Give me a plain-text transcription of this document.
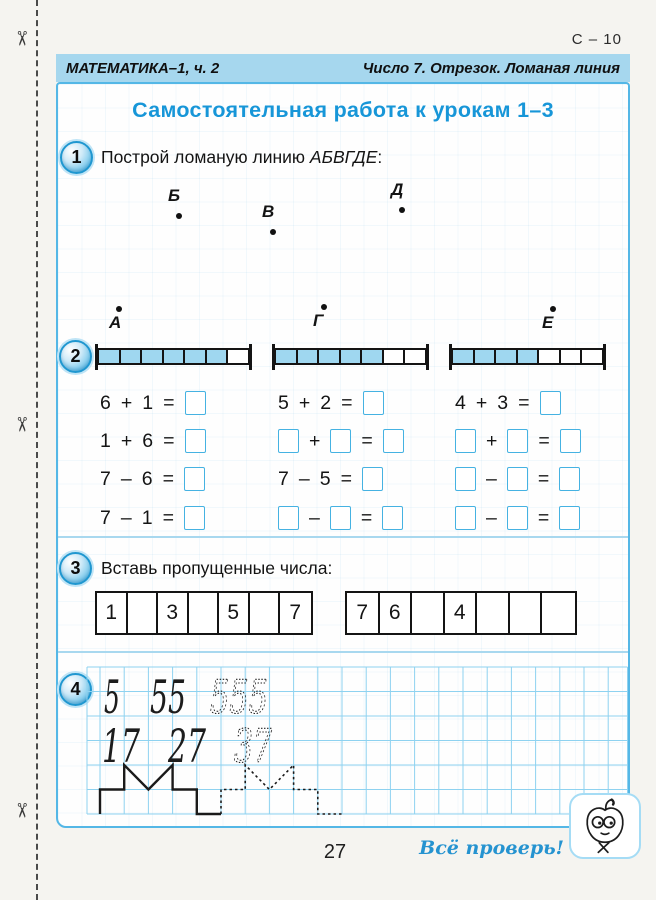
✂
✂
✂
С – 10
МАТЕМАТИКА–1, ч. 2	Число 7. Отрезок. Ломаная линия
Самостоятельная работа к урокам 1–3
1	Построй ломаную линию АБВГДЕ:
Б
В
Д
А	Г	Е
2
6 + 1 =	5 + 2 =	4 + 3 =
1 + 6 =	+ =	+ =
7 – 6 =	7 – 5 =	– =
7 – 1 =	– =	– =
3	Вставь пропущенные числа:
1	3	5	7	7 6	4
4 5 55 555
17 27 37
27	Всё проверь!
